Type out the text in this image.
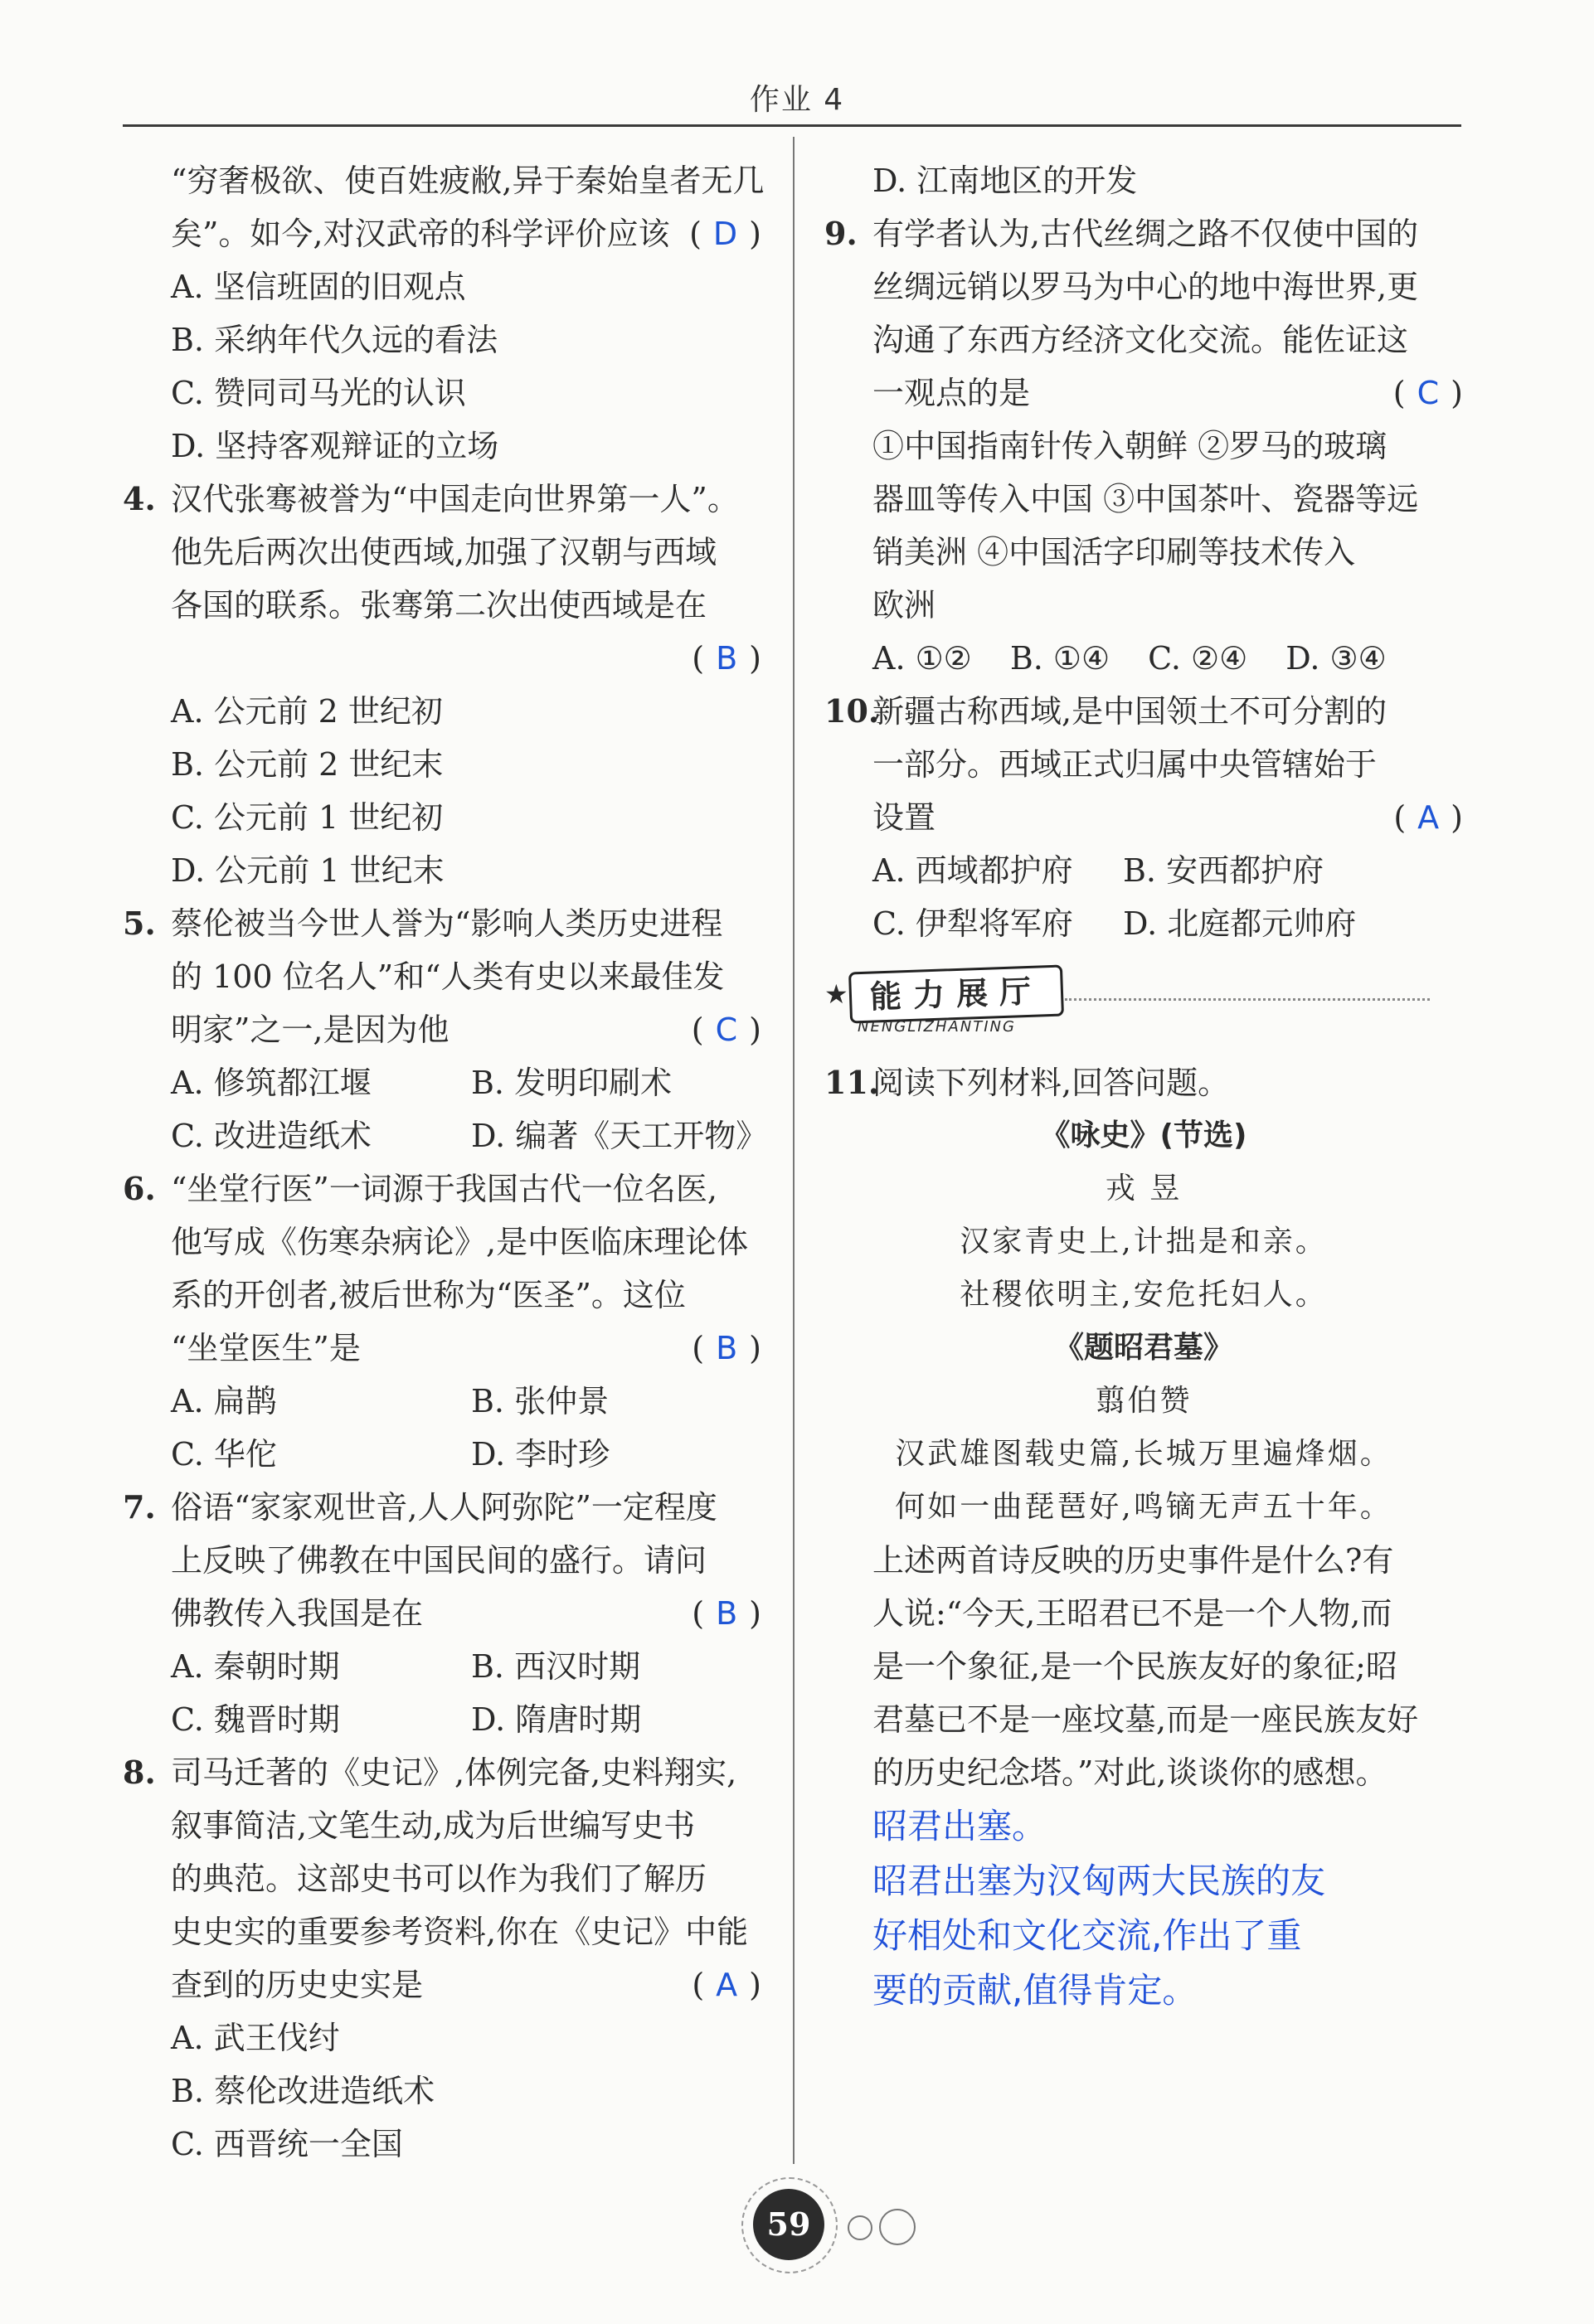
作业 4
“穷奢极欲、使百姓疲敝,异于秦始皇者无几
矣”。如今,对汉武帝的科学评价应该 ( D )
A. 坚信班固的旧观点
B. 采纳年代久远的看法
C. 赞同司马光的认识
D. 坚持客观辩证的立场
4. 汉代张骞被誉为“中国走向世界第一人”。
他先后两次出使西域,加强了汉朝与西域
各国的联系。张骞第二次出使西域是在
( B )
A. 公元前 2 世纪初
B. 公元前 2 世纪末
C. 公元前 1 世纪初
D. 公元前 1 世纪末
5. 蔡伦被当今世人誉为“影响人类历史进程
的 100 位名人”和“人类有史以来最佳发
明家”之一,是因为他	( C )
A. 修筑都江堰	B. 发明印刷术
C. 改进造纸术	D. 编著《天工开物》
6. “坐堂行医”一词源于我国古代一位名医,
他写成《伤寒杂病论》,是中医临床理论体
系的开创者,被后世称为“医圣”。这位
“坐堂医生”是	( B )
A. 扁鹊	B. 张仲景
C. 华佗	D. 李时珍
7. 俗语“家家观世音,人人阿弥陀”一定程度
上反映了佛教在中国民间的盛行。请问
佛教传入我国是在	( B )
A. 秦朝时期	B. 西汉时期
C. 魏晋时期	D. 隋唐时期
8. 司马迁著的《史记》,体例完备,史料翔实,
叙事简洁,文笔生动,成为后世编写史书
的典范。这部史书可以作为我们了解历
史史实的重要参考资料,你在《史记》中能
查到的历史史实是	( A )
A. 武王伐纣
B. 蔡伦改进造纸术
C. 西晋统一全国
D. 江南地区的开发
9. 有学者认为,古代丝绸之路不仅使中国的
丝绸远销以罗马为中心的地中海世界,更
沟通了东西方经济文化交流。能佐证这
一观点的是	( C )
①中国指南针传入朝鲜 ②罗马的玻璃
器皿等传入中国 ③中国茶叶、瓷器等远
销美洲 ④中国活字印刷等技术传入
欧洲
A. ①② B. ①④ C. ②④ D. ③④
10.
新疆古称西域,是中国领土不可分割的
一部分。西域正式归属中央管辖始于
设置	( A )
A. 西域都护府 B. 安西都护府
C. 伊犁将军府 D. 北庭都元帅府
★ 能力展厅
NENGLIZHANTING
11.
阅读下列材料,回答问题。
《咏史》(节选)
戎 昱
汉家青史上,计拙是和亲。
社稷依明主,安危托妇人。
《题昭君墓》
翦伯赞
汉武雄图载史篇,长城万里遍烽烟。
何如一曲琵琶好,鸣镝无声五十年。
上述两首诗反映的历史事件是什么?有
人说:“今天,王昭君已不是一个人物,而
是一个象征,是一个民族友好的象征;昭
君墓已不是一座坟墓,而是一座民族友好
的历史纪念塔。”对此,谈谈你的感想。
昭君出塞。
昭君出塞为汉匈两大民族的友
好相处和文化交流,作出了重
要的贡献,值得肯定。
59
